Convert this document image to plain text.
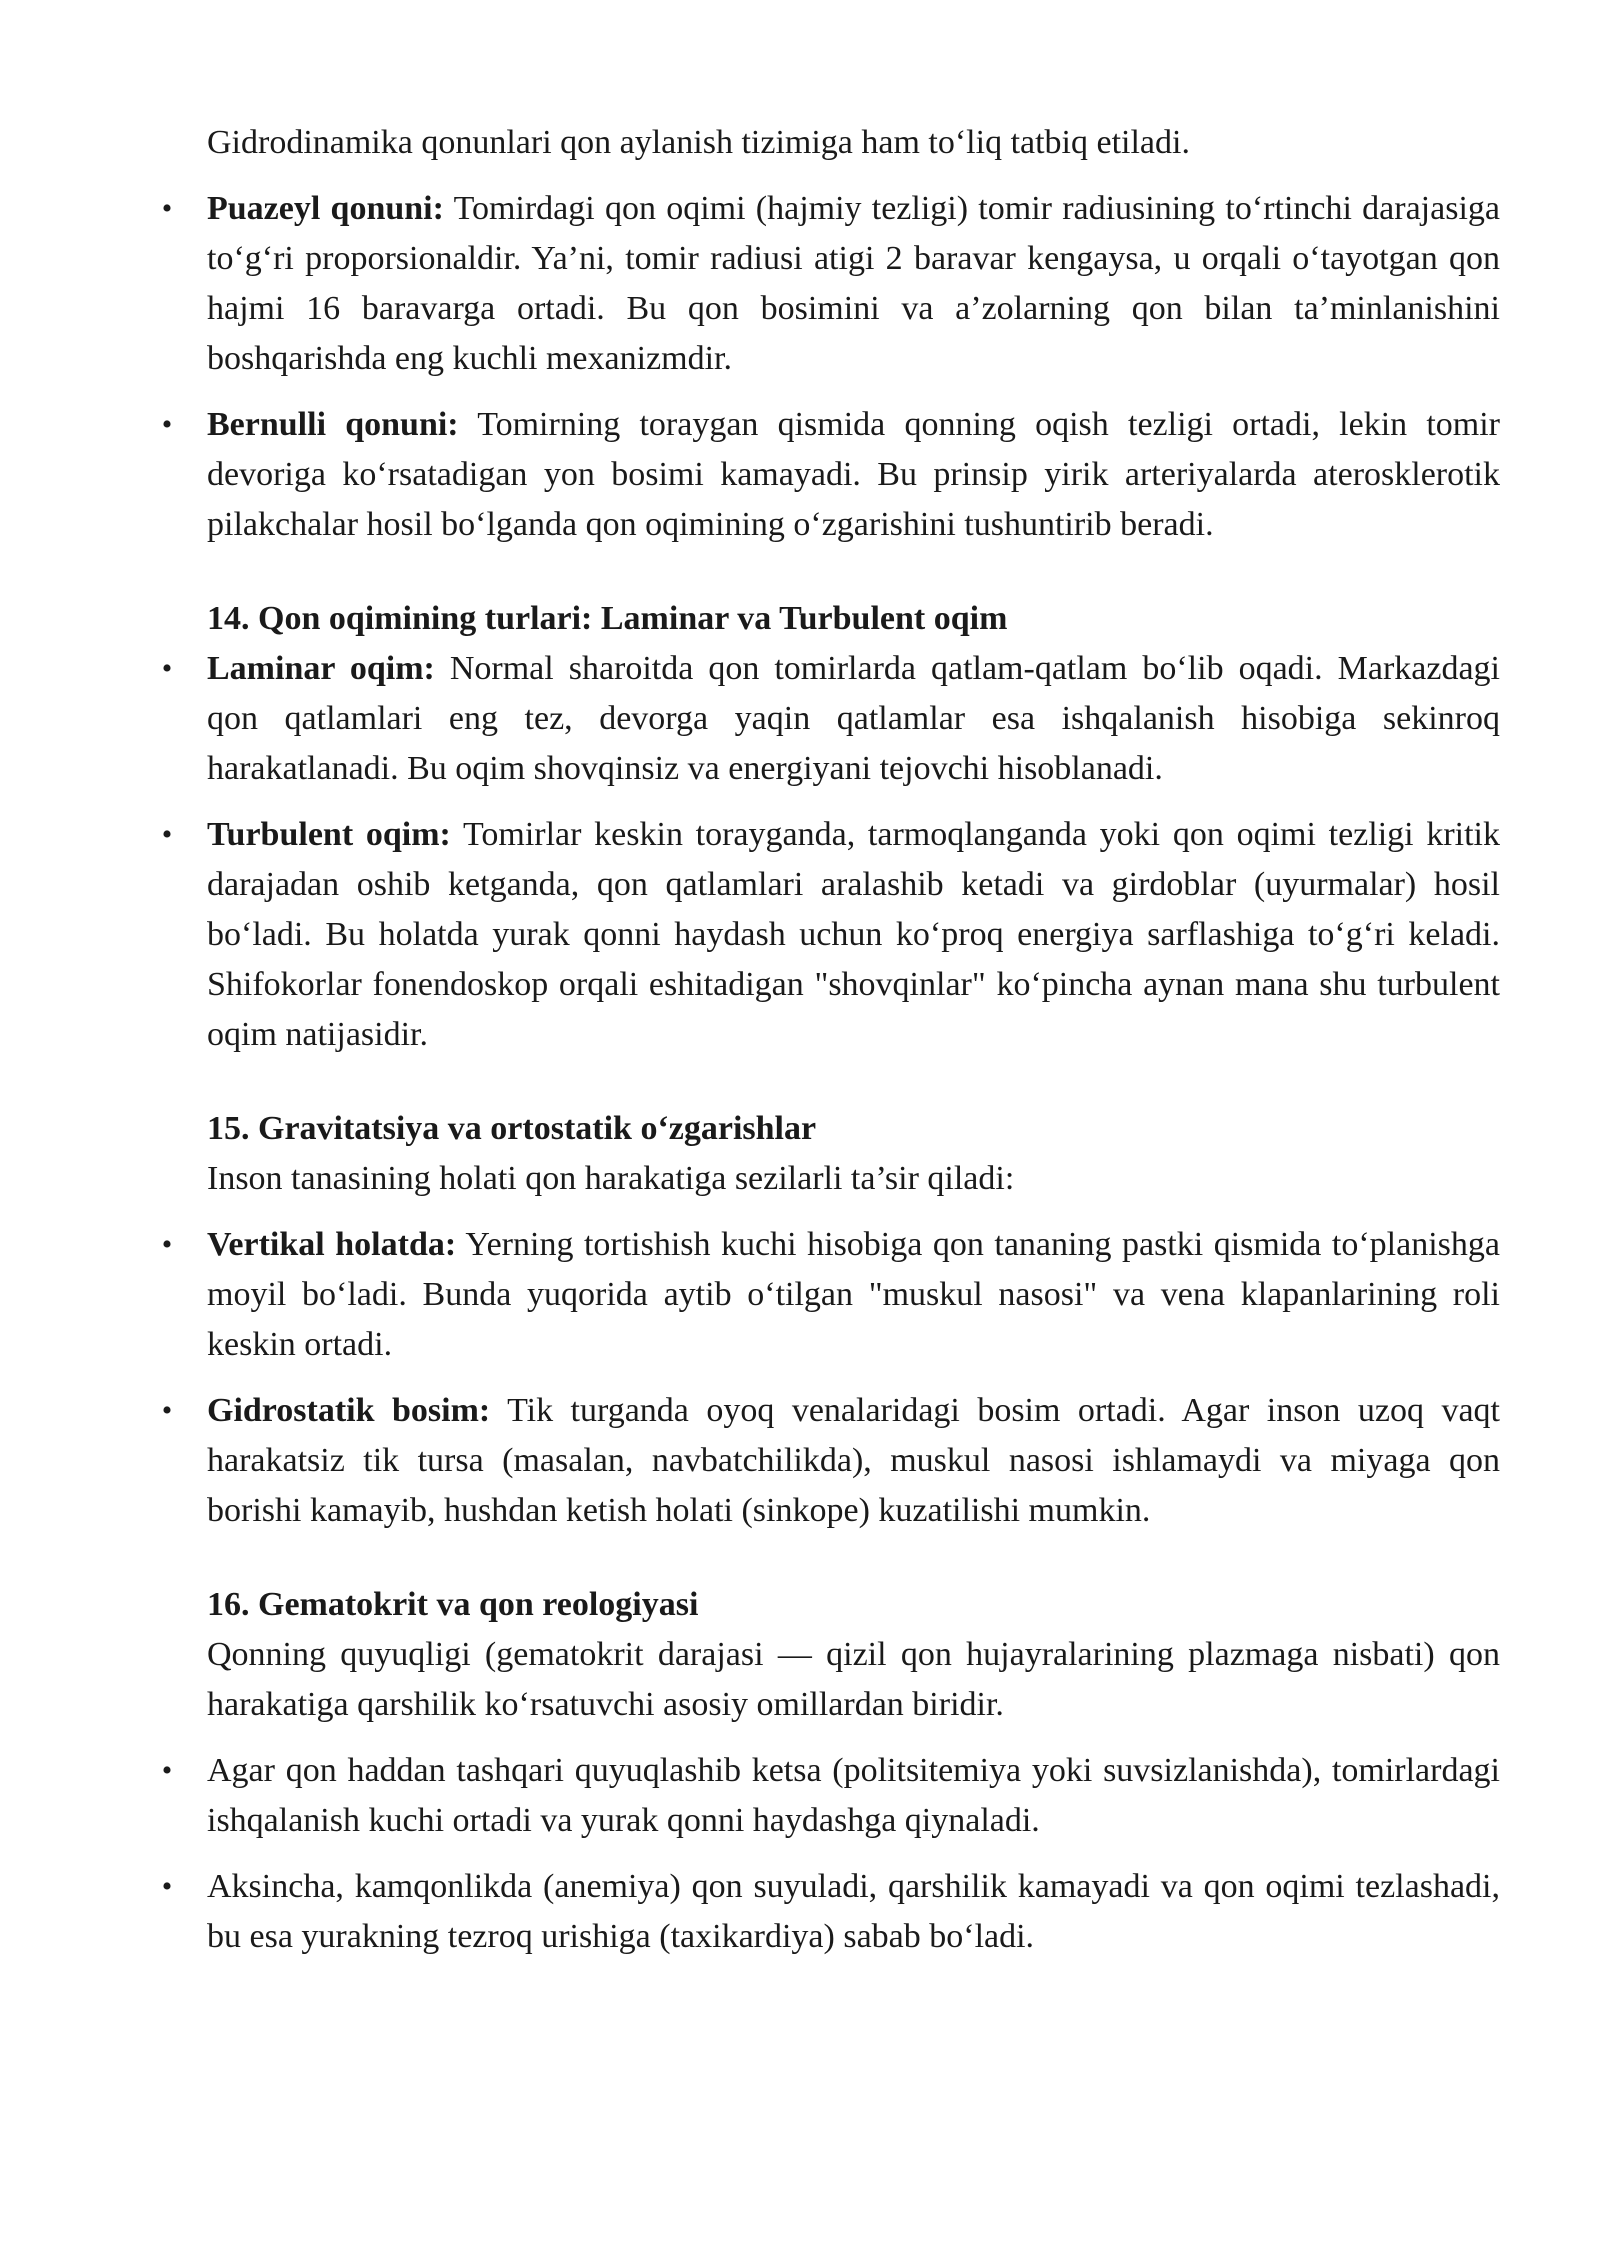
Gidrodinamika qonunlari qon aylanish tizimiga ham to‘liq tatbiq etiladi.

• Puazeyl qonuni: Tomirdagi qon oqimi (hajmiy tezligi) tomir radiusining to‘rtinchi darajasiga to‘g‘ri proporsionaldir. Ya’ni, tomir radiusi atigi 2 baravar kengaysa, u orqali o‘tayotgan qon hajmi 16 baravarga ortadi. Bu qon bosimini va a’zolarning qon bilan ta’minlanishini boshqarishda eng kuchli mexanizmdir.
• Bernulli qonuni: Tomirning toraygan qismida qonning oqish tezligi ortadi, lekin tomir devoriga ko‘rsatadigan yon bosimi kamayadi. Bu prinsip yirik arteriyalarda aterosklerotik pilakchalar hosil bo‘lganda qon oqimining o‘zgarishini tushuntirib beradi.
14. Qon oqimining turlari: Laminar va Turbulent oqim
• Laminar oqim: Normal sharoitda qon tomirlarda qatlam-qatlam bo‘lib oqadi. Markazdagi qon qatlamlari eng tez, devorga yaqin qatlamlar esa ishqalanish hisobiga sekinroq harakatlanadi. Bu oqim shovqinsiz va energiyani tejovchi hisoblanadi.
• Turbulent oqim: Tomirlar keskin torayganda, tarmoqlanganda yoki qon oqimi tezligi kritik darajadan oshib ketganda, qon qatlamlari aralashib ketadi va girdoblar (uyurmalar) hosil bo‘ladi. Bu holatda yurak qonni haydash uchun ko‘proq energiya sarflashiga to‘g‘ri keladi. Shifokorlar fonendoskop orqali eshitadigan "shovqinlar" ko‘pincha aynan mana shu turbulent oqim natijasidir.
15. Gravitatsiya va ortostatik o‘zgarishlar

Inson tanasining holati qon harakatiga sezilarli ta’sir qiladi:

• Vertikal holatda: Yerning tortishish kuchi hisobiga qon tananing pastki qismida to‘planishga moyil bo‘ladi. Bunda yuqorida aytib o‘tilgan "muskul nasosi" va vena klapanlarining roli keskin ortadi.
• Gidrostatik bosim: Tik turganda oyoq venalaridagi bosim ortadi. Agar inson uzoq vaqt harakatsiz tik tursa (masalan, navbatchilikda), muskul nasosi ishlamaydi va miyaga qon borishi kamayib, hushdan ketish holati (sinkope) kuzatilishi mumkin.
16. Gematokrit va qon reologiyasi

Qonning quyuqligi (gematokrit darajasi — qizil qon hujayralarining plazmaga nisbati) qon harakatiga qarshilik ko‘rsatuvchi asosiy omillardan biridir.

• Agar qon haddan tashqari quyuqlashib ketsa (politsitemiya yoki suvsizlanishda), tomirlardagi ishqalanish kuchi ortadi va yurak qonni haydashga qiynaladi.
• Aksincha, kamqonlikda (anemiya) qon suyuladi, qarshilik kamayadi va qon oqimi tezlashadi, bu esa yurakning tezroq urishiga (taxikardiya) sabab bo‘ladi.
